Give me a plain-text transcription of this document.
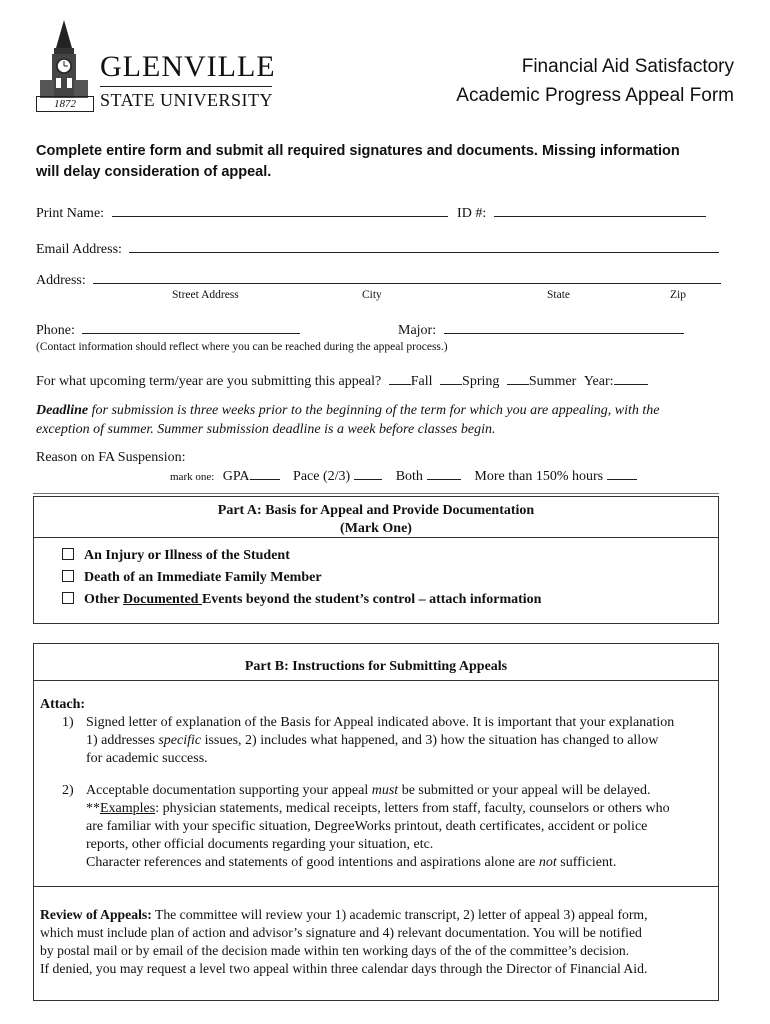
1872
GLENVILLE
STATE UNIVERSITY
Financial Aid Satisfactory
Academic Progress Appeal Form
Complete entire form and submit all required signatures and documents. Missing information
will delay consideration of appeal.
Print Name:	ID #:
Email Address:
Address:
Street Address	City	State	Zip
Phone:	Major:
(Contact information should reflect where you can be reached during the appeal process.)
For what upcoming term/year are you submitting this appeal? Fall Spring Summer Year:
Deadline for submission is three weeks prior to the beginning of the term for which you are appealing, with the
exception of summer. Summer submission deadline is a week before classes begin.
Reason on FA Suspension:
mark one: GPA	Pace (2/3)	Both	More than 150% hours
Part A: Basis for Appeal and Provide Documentation
(Mark One)
An Injury or Illness of the Student
Death of an Immediate Family Member
Other Documented Events beyond the student’s control – attach information
Part B: Instructions for Submitting Appeals
Attach:
1) Signed letter of explanation of the Basis for Appeal indicated above. It is important that your explanation
1) addresses specific issues, 2) includes what happened, and 3) how the situation has changed to allow
for academic success.
2) Acceptable documentation supporting your appeal must be submitted or your appeal will be delayed.
**Examples: physician statements, medical receipts, letters from staff, faculty, counselors or others who
are familiar with your specific situation, DegreeWorks printout, death certificates, accident or police
reports, other official documents regarding your situation, etc.
Character references and statements of good intentions and aspirations alone are not sufficient.
Review of Appeals: The committee will review your 1) academic transcript, 2) letter of appeal 3) appeal form,
which must include plan of action and advisor’s signature and 4) relevant documentation. You will be notified
by postal mail or by email of the decision made within ten working days of the of the committee’s decision.
If denied, you may request a level two appeal within three calendar days through the Director of Financial Aid.
